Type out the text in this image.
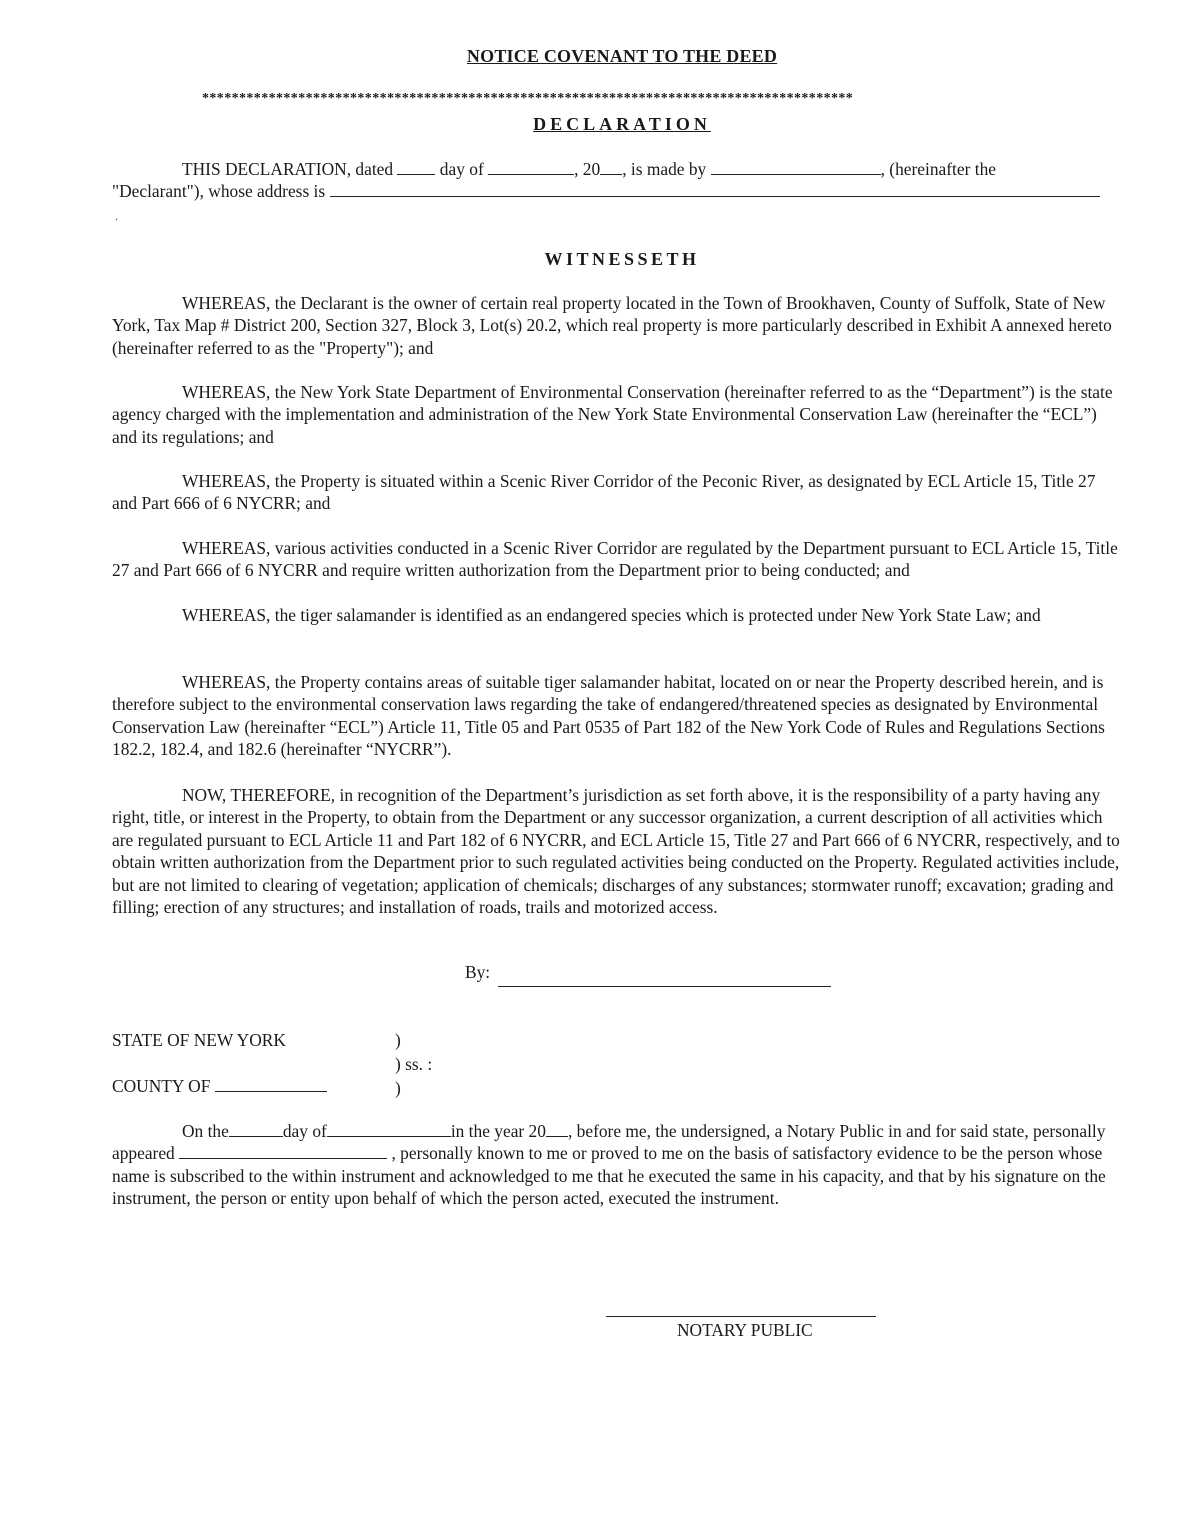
NOTICE COVENANT TO THE DEED
****************************************************************************************
DECLARATION
THIS DECLARATION, dated	day of	, 20 , is made by	, (hereinafter the
"Declarant"), whose address is
·
WITNESSETH
WHEREAS, the Declarant is the owner of certain real property located in the Town of Brookhaven, County of Suffolk, State of New York, Tax Map # District 200, Section 327, Block 3, Lot(s) 20.2, which real property is more particularly described in Exhibit A annexed hereto (hereinafter referred to as the "Property"); and
WHEREAS, the New York State Department of Environmental Conservation (hereinafter referred to as the “Department”) is the state agency charged with the implementation and administration of the New York State Environmental Conservation Law (hereinafter the “ECL”) and its regulations; and
WHEREAS, the Property is situated within a Scenic River Corridor of the Peconic River, as designated by ECL Article 15, Title 27 and Part 666 of 6 NYCRR; and
WHEREAS, various activities conducted in a Scenic River Corridor are regulated by the Department pursuant to ECL Article 15, Title 27 and Part 666 of 6 NYCRR and require written authorization from the Department prior to being conducted; and
WHEREAS, the tiger salamander is identified as an endangered species which is protected under New York State Law; and
WHEREAS, the Property contains areas of suitable tiger salamander habitat, located on or near the Property described herein, and is therefore subject to the environmental conservation laws regarding the take of endangered/threatened species as designated by Environmental Conservation Law (hereinafter “ECL”) Article 11, Title 05 and Part 0535 of Part 182 of the New York Code of Rules and Regulations Sections 182.2, 182.4, and 182.6 (hereinafter “NYCRR”).
NOW, THEREFORE, in recognition of the Department’s jurisdiction as set forth above, it is the responsibility of a party having any right, title, or interest in the Property, to obtain from the Department or any successor organization, a current description of all activities which are regulated pursuant to ECL Article 11 and Part 182 of 6 NYCRR, and ECL Article 15, Title 27 and Part 666 of 6 NYCRR, respectively, and to obtain written authorization from the Department prior to such regulated activities being conducted on the Property. Regulated activities include, but are not limited to clearing of vegetation; application of chemicals; discharges of any substances; stormwater runoff; excavation; grading and filling; erection of any structures; and installation of roads, trails and motorized access.
By:
STATE OF NEW YORK
COUNTY OF
)
) ss. :
)
On the	day of	in the year 20 , before me, the undersigned, a Notary Public in and for said state, personally appeared	, personally known to me or proved to me on the basis of satisfactory evidence to be the person whose name is subscribed to the within instrument and acknowledged to me that he executed the same in his capacity, and that by his signature on the instrument, the person or entity upon behalf of which the person acted, executed the instrument.
NOTARY PUBLIC
